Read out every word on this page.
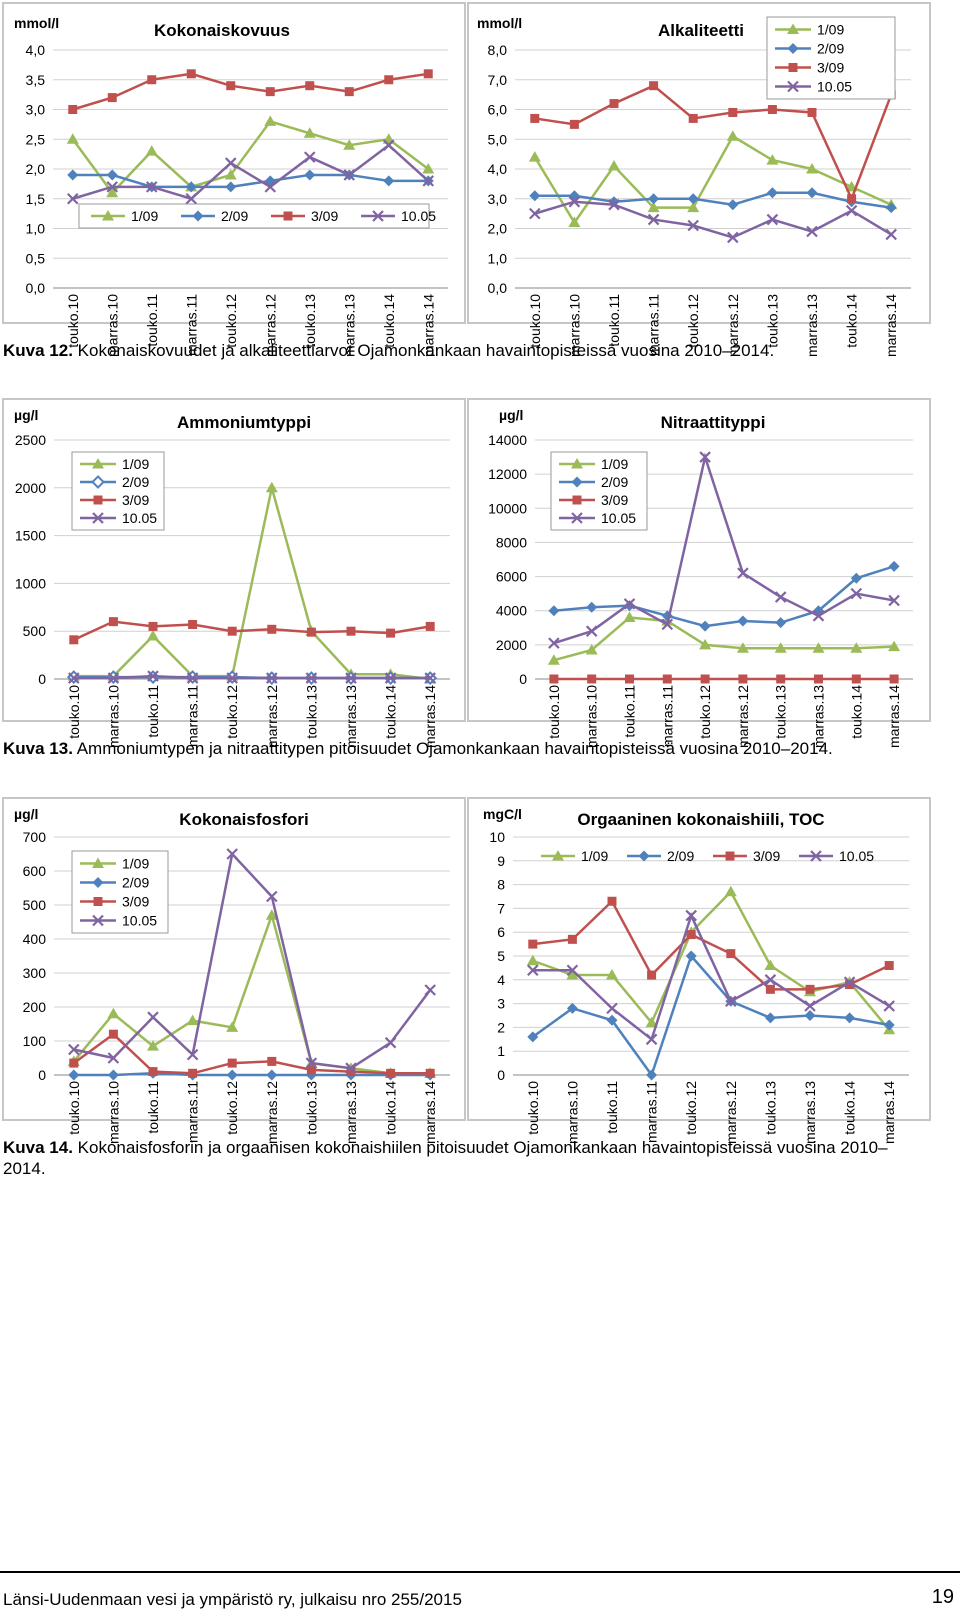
Kokonaiskovuus
mmol/l
0,0
0,5
1,0
1,5
2,0
2,5
3,0
3,5
4,0
touko.10 marras.10 touko.11 marras.11 touko.12 marras.12 touko.13 marras.13 touko.14 marras.14
1/09	2/09	3/09	10.05
Alkaliteetti
mmol/l
0,0
1,0
2,0
3,0
4,0
5,0
6,0
7,0
8,0
touko.10 marras.10 touko.11 marras.11 touko.12 marras.12 touko.13 marras.13 touko.14 marras.14
1/09
2/09
3/09
10.05
Kuva 12. Kokonaiskovuudet ja alkaliteettiarvot Ojamonkankaan havaintopisteissä vuosina 2010–2014.
Ammoniumtyppi
µg/l
0
500
1000
1500
2000
2500
touko.10 marras.10 touko.11 marras.11 touko.12 marras.12 touko.13 marras.13 touko.14 marras.14
1/09
2/09
3/09
10.05
Nitraattityppi
µg/l
0
2000
4000
6000
8000
10000
12000
14000
touko.10 marras.10 touko.11 marras.11 touko.12 marras.12 touko.13 marras.13 touko.14 marras.14
1/09
2/09
3/09
10.05
Kuva 13. Ammoniumtypen ja nitraattitypen pitoisuudet Ojamonkankaan havaintopisteissä vuosina 2010–2014.
Kokonaisfosfori
µg/l
0
100
200
300
400
500
600
700
touko.10 marras.10 touko.11 marras.11 touko.12 marras.12 touko.13 marras.13 touko.14 marras.14
1/09
2/09
3/09
10.05
Orgaaninen kokonaishiili, TOC
mgC/l
0
1
2
3
4
5
6
7
8
9
10
touko.10 marras.10 touko.11 marras.11 touko.12 marras.12 touko.13 marras.13 touko.14 marras.14
1/09	2/09	3/09	10.05
Kuva 14. Kokonaisfosforin ja orgaanisen kokonaishiilen pitoisuudet Ojamonkankaan havaintopisteissä vuosina 2010–2014.
Länsi-Uudenmaan vesi ja ympäristö ry, julkaisu nro 255/2015	19
